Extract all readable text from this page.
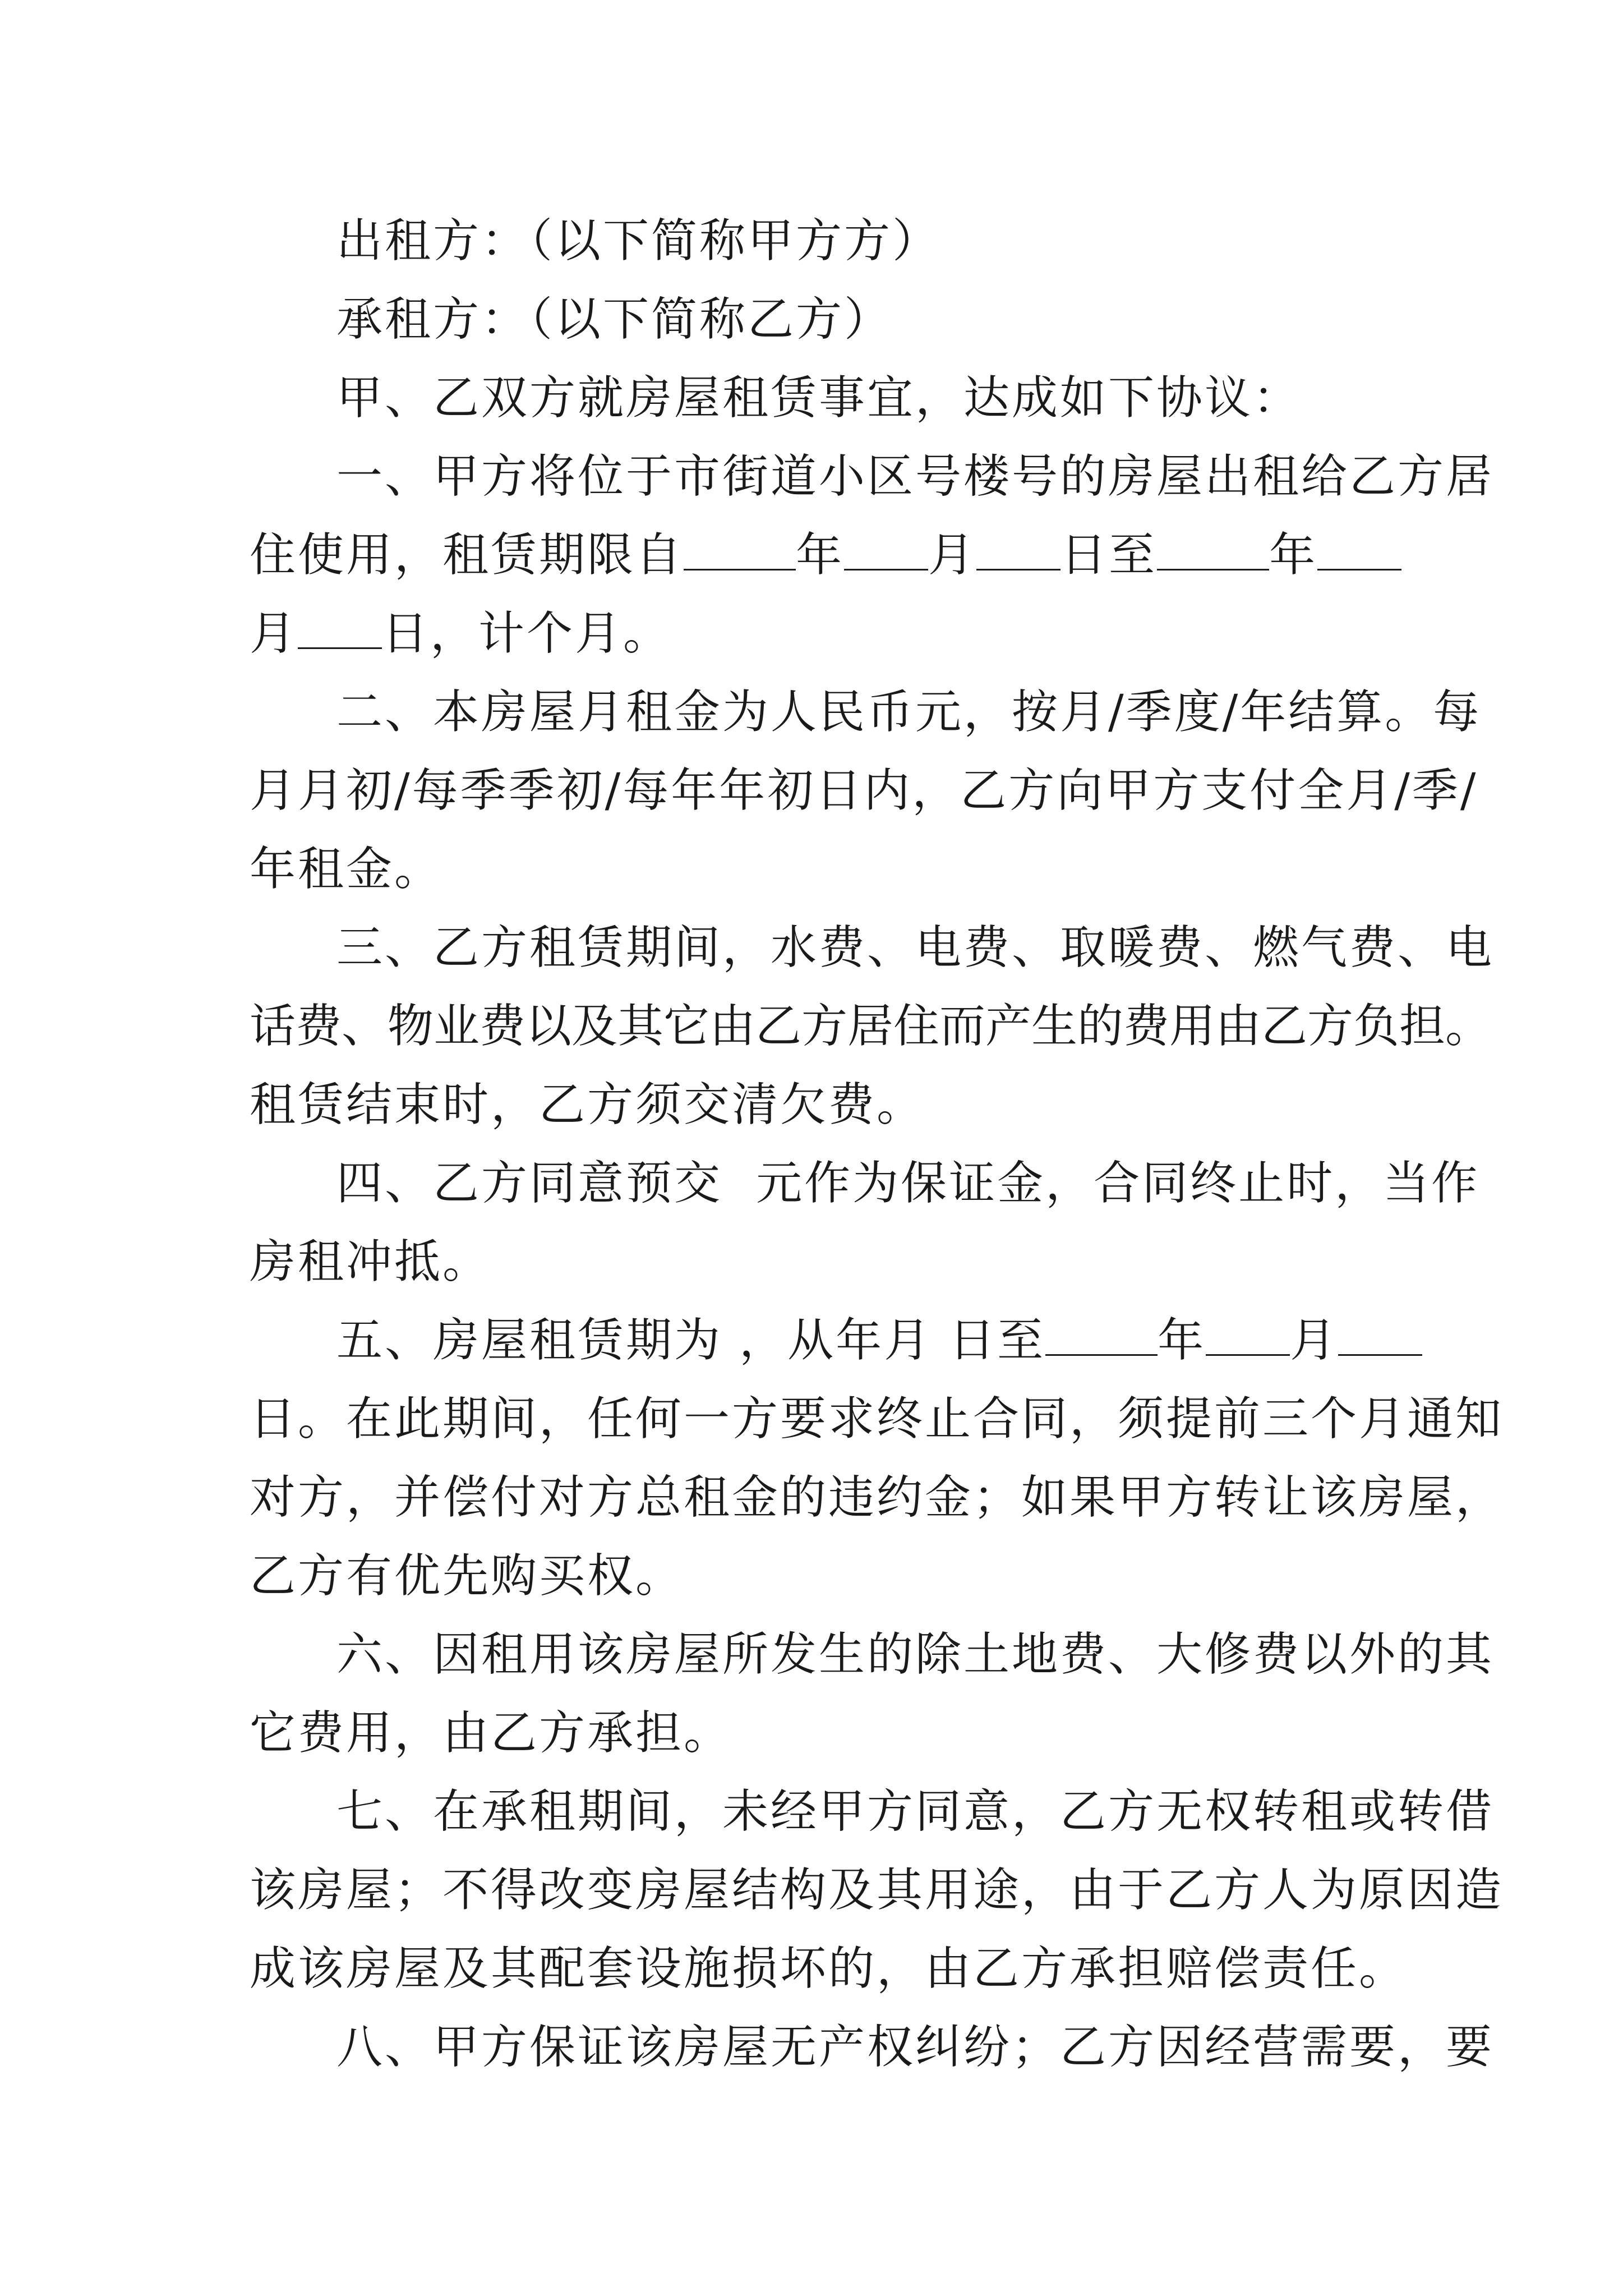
出租方：（以下简称甲方方）
承租方：（以下简称乙方）
甲、乙双方就房屋租赁事宜，达成如下协议：
一、甲方将位于市街道小区号楼号的房屋出租给乙方居
住使用，租赁期限自 年 月 日至 年
月 日，计个月。
二、本房屋月租金为人民币元，按月/季度/年结算。每
月月初/每季季初/每年年初日内，乙方向甲方支付全月/季/
年租金。
三、乙方租赁期间，水费、电费、取暖费、燃气费、电
话费、物业费以及其它由乙方居住而产生的费用由乙方负担。
租赁结束时，乙方须交清欠费。
四、乙方同意预交  元作为保证金，合同终止时，当作
房租冲抵。
五、房屋租赁期为 ，从年月 日至 年 月
日。在此期间，任何一方要求终止合同，须提前三个月通知
对方，并偿付对方总租金的违约金；如果甲方转让该房屋，
乙方有优先购买权。
六、因租用该房屋所发生的除土地费、大修费以外的其
它费用，由乙方承担。
七、在承租期间，未经甲方同意，乙方无权转租或转借
该房屋；不得改变房屋结构及其用途，由于乙方人为原因造
成该房屋及其配套设施损坏的，由乙方承担赔偿责任。
八、甲方保证该房屋无产权纠纷；乙方因经营需要，要
